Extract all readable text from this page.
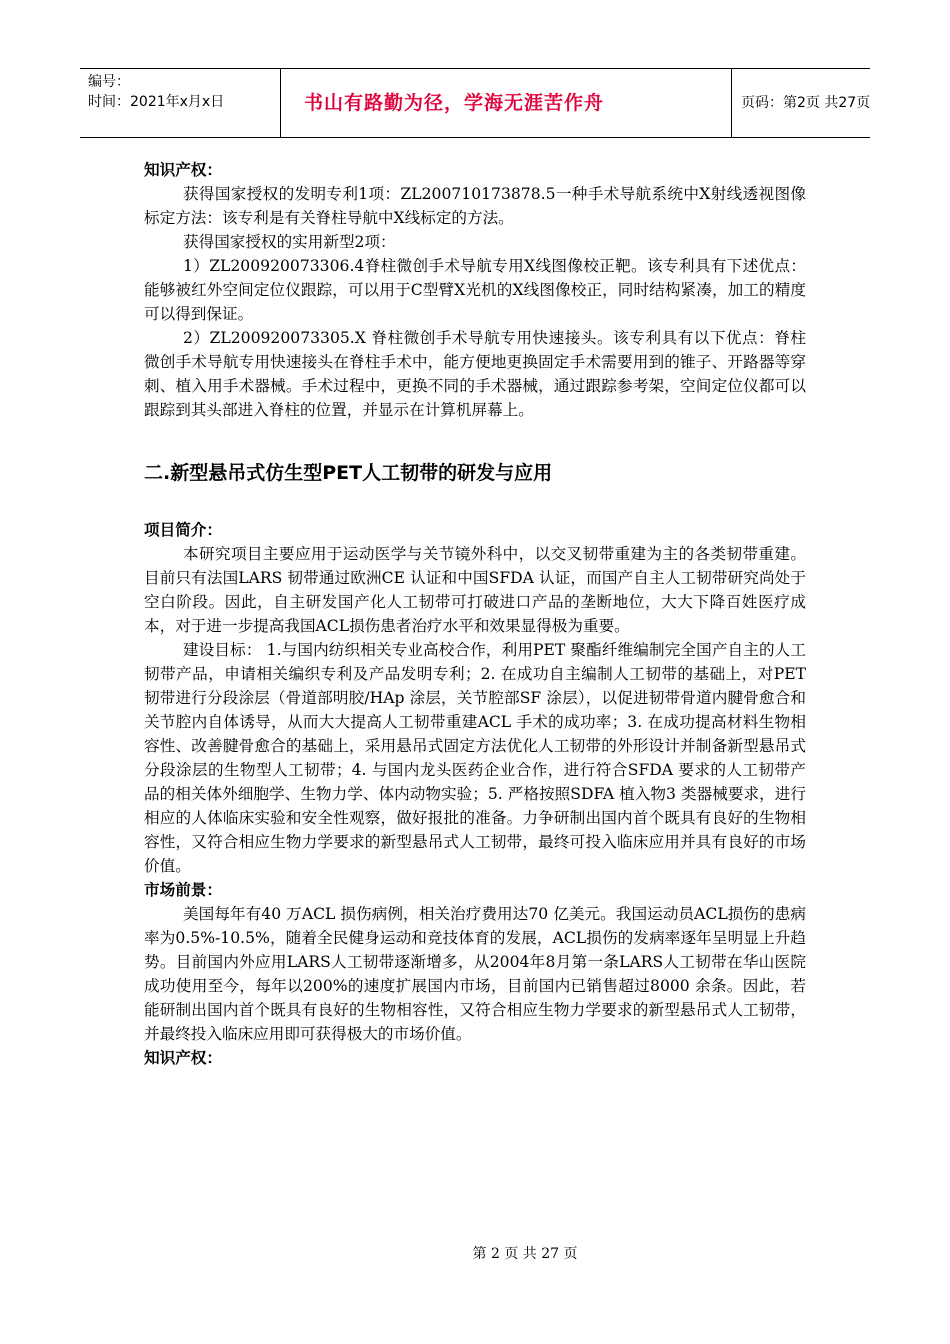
编号：
时间：2021年x月x日	书山有路勤为径，学海无涯苦作舟	页码：第2页 共27页

知识产权：

获得国家授权的发明专利1项：ZL200710173878.5一种手术导航系统中X射线透视图像标定方法：该专利是有关脊柱导航中X线标定的方法。

获得国家授权的实用新型2项：

1）ZL200920073306.4脊柱微创手术导航专用X线图像校正靶。该专利具有下述优点：能够被红外空间定位仪跟踪，可以用于C型臂X光机的X线图像校正，同时结构紧凑，加工的精度可以得到保证。

2）ZL200920073305.X 脊柱微创手术导航专用快速接头。该专利具有以下优点：脊柱微创手术导航专用快速接头在脊柱手术中，能方便地更换固定手术需要用到的锥子、开路器等穿刺、植入用手术器械。手术过程中，更换不同的手术器械，通过跟踪参考架，空间定位仪都可以跟踪到其头部进入脊柱的位置，并显示在计算机屏幕上。

二.新型悬吊式仿生型PET人工韧带的研发与应用

项目简介：

本研究项目主要应用于运动医学与关节镜外科中，以交叉韧带重建为主的各类韧带重建。目前只有法国LARS 韧带通过欧洲CE 认证和中国SFDA 认证，而国产自主人工韧带研究尚处于空白阶段。因此，自主研发国产化人工韧带可打破进口产品的垄断地位，大大下降百姓医疗成本，对于进一步提高我国ACL损伤患者治疗水平和效果显得极为重要。

建设目标： 1.与国内纺织相关专业高校合作，利用PET 聚酯纤维编制完全国产自主的人工韧带产品，申请相关编织专利及产品发明专利；2. 在成功自主编制人工韧带的基础上，对PET 韧带进行分段涂层（骨道部明胶/HAp 涂层，关节腔部SF 涂层），以促进韧带骨道内腱骨愈合和关节腔内自体诱导，从而大大提高人工韧带重建ACL 手术的成功率；3. 在成功提高材料生物相容性、改善腱骨愈合的基础上，采用悬吊式固定方法优化人工韧带的外形设计并制备新型悬吊式分段涂层的生物型人工韧带；4. 与国内龙头医药企业合作，进行符合SFDA 要求的人工韧带产品的相关体外细胞学、生物力学、体内动物实验；5. 严格按照SDFA 植入物3 类器械要求，进行相应的人体临床实验和安全性观察，做好报批的准备。力争研制出国内首个既具有良好的生物相容性，又符合相应生物力学要求的新型悬吊式人工韧带，最终可投入临床应用并具有良好的市场价值。

市场前景：

美国每年有40 万ACL 损伤病例，相关治疗费用达70 亿美元。我国运动员ACL损伤的患病率为0.5%-10.5%，随着全民健身运动和竞技体育的发展，ACL损伤的发病率逐年呈明显上升趋势。目前国内外应用LARS人工韧带逐渐增多，从2004年8月第一条LARS人工韧带在华山医院成功使用至今，每年以200%的速度扩展国内市场，目前国内已销售超过8000 余条。因此，若能研制出国内首个既具有良好的生物相容性，又符合相应生物力学要求的新型悬吊式人工韧带，并最终投入临床应用即可获得极大的市场价值。

知识产权：

第 2 页 共 27 页
